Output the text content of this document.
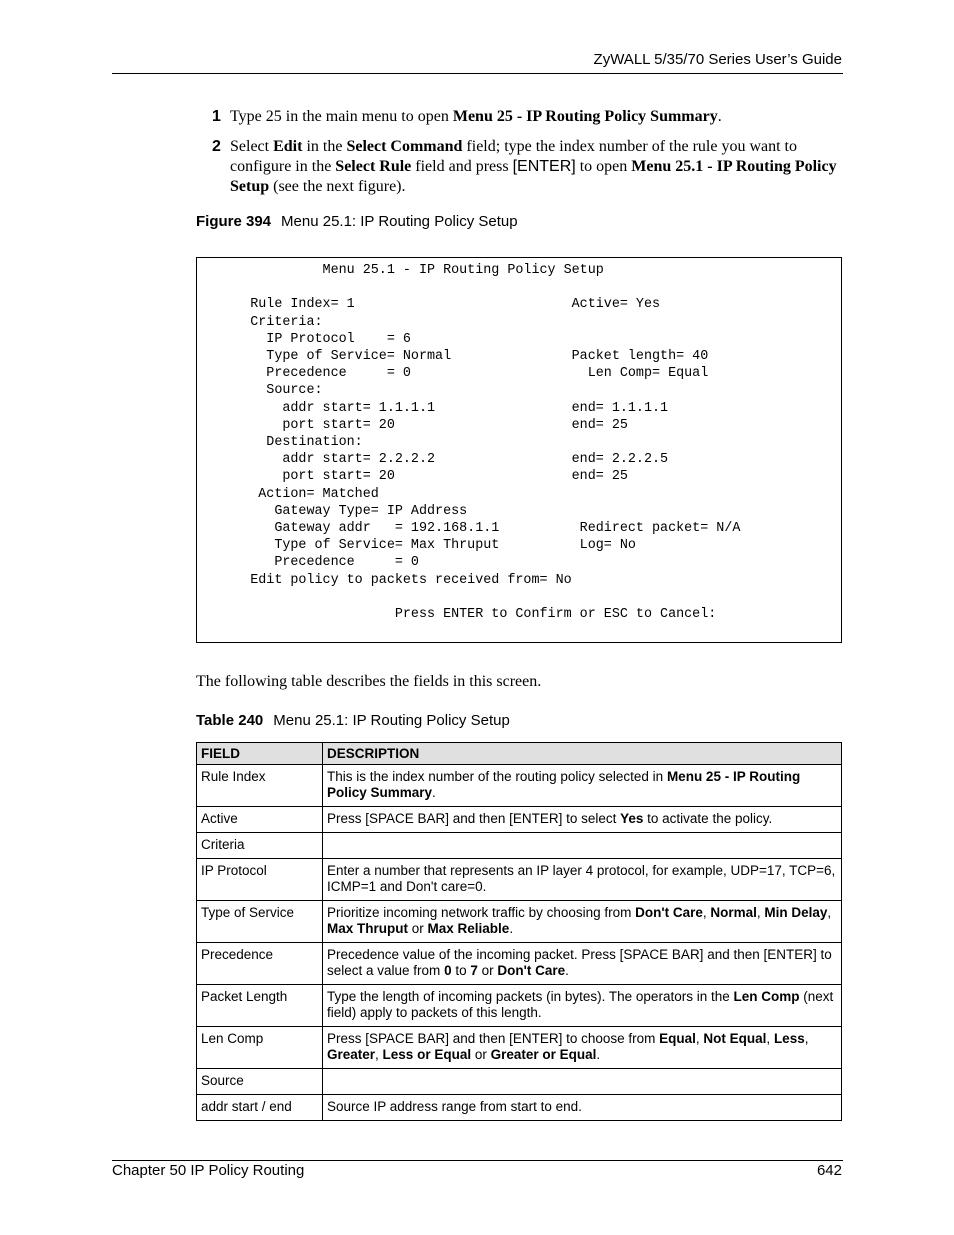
ZyWALL 5/35/70 Series User’s Guide
1 Type 25 in the main menu to open Menu 25 - IP Routing Policy Summary.
2 Select Edit in the Select Command field; type the index number of the rule you want to configure in the Select Rule field and press [ENTER] to open Menu 25.1 - IP Routing Policy Setup (see the next figure).
Figure 394 Menu 25.1: IP Routing Policy Setup
Menu 25.1 - IP Routing Policy Setup

Rule Index= 1                           Active= Yes
Criteria:
IP Protocol    = 6
Type of Service= Normal               Packet length= 40
Precedence     = 0                      Len Comp= Equal
Source:
addr start= 1.1.1.1                 end= 1.1.1.1
port start= 20                      end= 25
Destination:
addr start= 2.2.2.2                 end= 2.2.2.5
port start= 20                      end= 25
Action= Matched
Gateway Type= IP Address
Gateway addr   = 192.168.1.1          Redirect packet= N/A
Type of Service= Max Thruput          Log= No
Precedence     = 0
Edit policy to packets received from= No

Press ENTER to Confirm or ESC to Cancel:
The following table describes the fields in this screen.
Table 240 Menu 25.1: IP Routing Policy Setup
FIELD	DESCRIPTION
Rule Index	This is the index number of the routing policy selected in Menu 25 - IP Routing Policy Summary.
Active	Press [SPACE BAR] and then [ENTER] to select Yes to activate the policy.
Criteria	
IP Protocol	Enter a number that represents an IP layer 4 protocol, for example, UDP=17, TCP=6, ICMP=1 and Don't care=0.
Type of Service	Prioritize incoming network traffic by choosing from Don't Care, Normal, Min Delay, Max Thruput or Max Reliable.
Precedence	Precedence value of the incoming packet. Press [SPACE BAR] and then [ENTER] to select a value from 0 to 7 or Don't Care.
Packet Length	Type the length of incoming packets (in bytes). The operators in the Len Comp (next field) apply to packets of this length.
Len Comp	Press [SPACE BAR] and then [ENTER] to choose from Equal, Not Equal, Less, Greater, Less or Equal or Greater or Equal.
Source	
addr start / end	Source IP address range from start to end.
Chapter 50 IP Policy Routing	642
